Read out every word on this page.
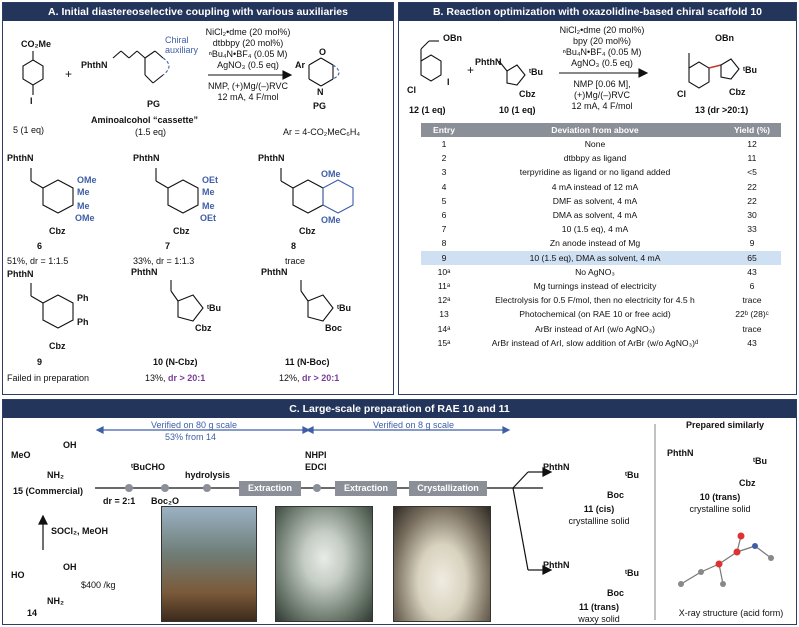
A. Initial diastereoselective coupling with various auxiliaries
CO₂Me
I
5 (1 eq)
+
PhthN
PG
Chiral
auxiliary
Aminoalcohol “cassette”
(1.5 eq)
NiCl₂•dme (20 mol%)
dtbbpy (20 mol%)
ⁿBu₄N•BF₄ (0.05 M)
AgNO₃ (0.5 eq)
NMP, (+)Mg/(–)RVC
12 mA, 4 F/mol
Ar
O
N
PG
Ar = 4-CO₂MeC₆H₄
PhthN
OMe
Me
Me
OMe
Cbz
6
51%, dr = 1:1.5
PhthN
OEt
Me
Me
OEt
Cbz
7
33%, dr = 1:1.3
PhthN
OMe
OMe
Cbz
8
trace
PhthN
Ph
Ph
Cbz
9
Failed in preparation
PhthN
ᵗBu
Cbz
10 (N-Cbz)
13%, dr > 20:1
PhthN
ᵗBu
Boc
11 (N-Boc)
12%, dr > 20:1
B. Reaction optimization with oxazolidine-based chiral scaffold 10
OBn
Cl
I
12 (1 eq)
+
PhthN
ᵗBu
Cbz
10 (1 eq)
NiCl₂•dme (20 mol%)
bpy (20 mol%)
ⁿBu₄N•BF₄ (0.05 M)
AgNO₃ (0.5 eq)
NMP [0.06 M],
(+)Mg/(–)RVC
12 mA, 4 F/mol
OBn
Cl
ᵗBu
Cbz
13 (dr >20:1)
Entry	Deviation from above	Yield (%)
1	None	12
2	dtbbpy as ligand	11
3	terpyridine as ligand or no ligand added	<5
4	4 mA instead of 12 mA	22
5	DMF as solvent, 4 mA	22
6	DMA as solvent, 4 mA	30
7	10 (1.5 eq), 4 mA	33
8	Zn anode instead of Mg	9
9	10 (1.5 eq), DMA as solvent, 4 mA	65
10ᵃ	No AgNO₃	43
11ᵃ	Mg turnings instead of electricity	6
12ᵃ	Electrolysis for 0.5 F/mol, then no electricity for 4.5 h	trace
13	Photochemical (on RAE 10 or free acid)	22ᵇ (28)ᶜ
14ᵃ	ArBr instead of ArI (w/o AgNO₃)	trace
15ᵃ	ArBr instead of ArI, slow addition of ArBr (w/o AgNO₃)ᵈ	43
C. Large-scale preparation of RAE 10 and 11
Verified on 80 g scale
53% from 14
Verified on 8 g scale
MeO
OH
NH₂
15 (Commercial)
SOCl₂, MeOH
HO
OH
NH₂
14
$400 /kg
ᵗBuCHO
dr = 2:1 Boc₂O
hydrolysis
NHPI
EDCI
Extraction	Extraction	Crystallization
PhthN
ᵗBu
Boc
11 (cis)
crystalline solid
PhthN
ᵗBu
Boc
11 (trans)
waxy solid
Prepared similarly
PhthN
ᵗBu
Cbz
10 (trans)
crystalline solid
X-ray structure (acid form)
